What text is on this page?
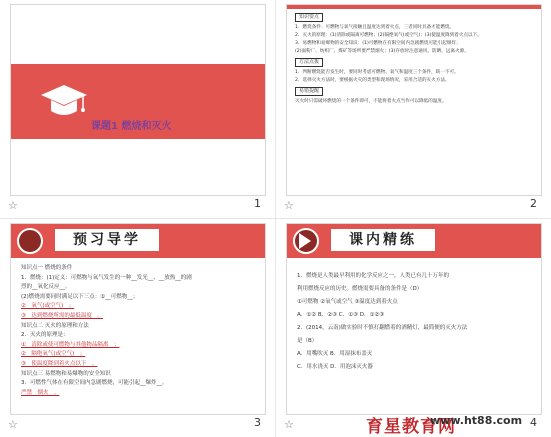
课题1 燃烧和灭火
☆	1

知识要点

1．燃烧条件：可燃物与氧气接触且温度达到着火点，三者同时具备才能燃烧。

2．灭火的原理：(1)清除或隔离可燃物；(2)隔绝氧气(或空气)；(3)使温度降到着火点以下。

3．易燃物和易爆物的安全知识：(1)可燃物在有限空间内急剧燃烧可能引起爆炸；

(2)面粉厂、纺织厂、煤矿等场所要严禁烟火；(3)存放时注意通风、防晒、远离火源。

方法点拨

1．判断燃烧能否发生时，要同时考虑可燃物、氧气和温度三个条件，缺一不可。

2．选择灭火方法时，要根据火灾的类型和现场情况，采用合适的灭火方法。

易错提醒

灭火时只需破坏燃烧的一个条件即可，不能将着火点当作可以降低的温度。

☆	2
预习导学

知识点一 燃烧的条件

1．燃烧：(1)定义：可燃物与氧气发生的一种__发光__、__放热__的剧

烈的__氧化反应__。

(2)燃烧需要同时满足以下三点：①__可燃物__；

②__氧气(或空气)__；

③__达到燃烧所需的最低温度__。

知识点二 灭火的原理和方法

2．灭火的原理是：

①__清除或使可燃物与其他物品隔离__；

②__隔绝氧气(或空气)__；

③__使温度降到着火点以下__。

知识点三 易燃物和易爆物的安全知识

3．可燃性气体在有限空间内急剧燃烧，可能引起__爆炸__。

严禁__烟火__。

☆	3
课内精练

1．燃烧是人类最早利用的化学反应之一，人类已有几十万年的

利用燃烧反应的历史。燃烧需要具备的条件是（D）

①可燃物 ②氧气或空气 ③温度达到着火点

A．①② B．②③ C．①③ D．①②③

2．(2014，云南)做实验时不慎打翻燃着的酒精灯，最简便的灭火方法

是（B）

A．用嘴吹灭 B．用湿抹布盖灭

C．用水浇灭 D．用泡沫灭火器

☆	4
育星教育网
www.ht88.com
